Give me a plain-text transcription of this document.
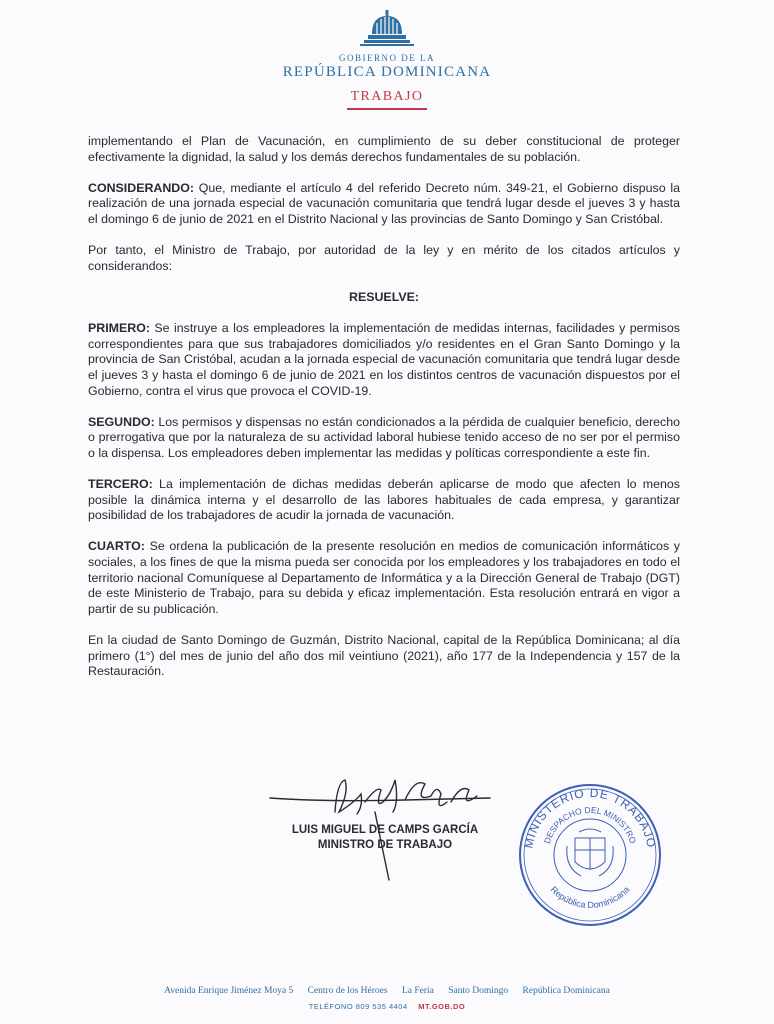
GOBIERNO DE LA
REPÚBLICA DOMINICANA
TRABAJO

implementando el Plan de Vacunación, en cumplimiento de su deber constitucional de proteger efectivamente la dignidad, la salud y los demás derechos fundamentales de su población.

CONSIDERANDO: Que, mediante el artículo 4 del referido Decreto núm. 349-21, el Gobierno dispuso la realización de una jornada especial de vacunación comunitaria que tendrá lugar desde el jueves 3 y hasta el domingo 6 de junio de 2021 en el Distrito Nacional y las provincias de Santo Domingo y San Cristóbal.

Por tanto, el Ministro de Trabajo, por autoridad de la ley y en mérito de los citados artículos y considerandos:

RESUELVE:

PRIMERO: Se instruye a los empleadores la implementación de medidas internas, facilidades y permisos correspondientes para que sus trabajadores domiciliados y/o residentes en el Gran Santo Domingo y la provincia de San Cristóbal, acudan a la jornada especial de vacunación comunitaria que tendrá lugar desde el jueves 3 y hasta el domingo 6 de junio de 2021 en los distintos centros de vacunación dispuestos por el Gobierno, contra el virus que provoca el COVID-19.

SEGUNDO: Los permisos y dispensas no están condicionados a la pérdida de cualquier beneficio, derecho o prerrogativa que por la naturaleza de su actividad laboral hubiese tenido acceso de no ser por el permiso o la dispensa. Los empleadores deben implementar las medidas y políticas correspondiente a este fin.

TERCERO: La implementación de dichas medidas deberán aplicarse de modo que afecten lo menos posible la dinámica interna y el desarrollo de las labores habituales de cada empresa, y garantizar posibilidad de los trabajadores de acudir la jornada de vacunación.

CUARTO: Se ordena la publicación de la presente resolución en medios de comunicación informáticos y sociales, a los fines de que la misma pueda ser conocida por los empleadores y los trabajadores en todo el territorio nacional Comuníquese al Departamento de Informática y a la Dirección General de Trabajo (DGT) de este Ministerio de Trabajo, para su debida y eficaz implementación. Esta resolución entrará en vigor a partir de su publicación.

En la ciudad de Santo Domingo de Guzmán, Distrito Nacional, capital de la República Dominicana; al día primero (1°) del mes de junio del año dos mil veintiuno (2021), año 177 de la Independencia y 157 de la Restauración.

LUIS MIGUEL DE CAMPS GARCÍA
MINISTRO DE TRABAJO	MINISTERIO DE TRABAJO
DESPACHO DEL MINISTRO
República Dominicana
Avenida Enrique Jiménez Moya 5 Centro de los Héroes La Feria Santo Domingo República Dominicana
TELÉFONO 809 535 4404 MT.GOB.DO
